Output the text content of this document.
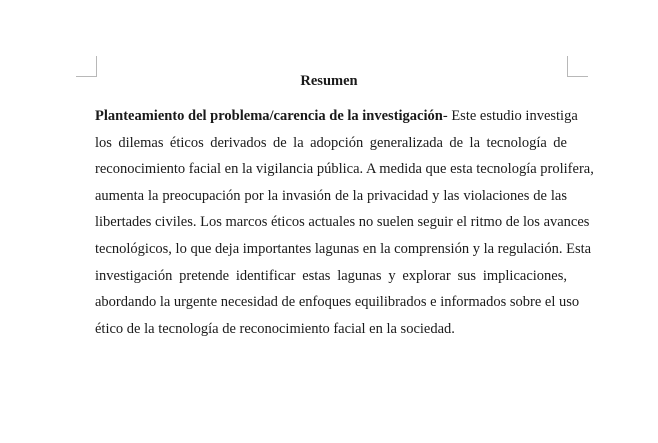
Resumen
Planteamiento del problema/carencia de la investigación- Este estudio investiga
los dilemas éticos derivados de la adopción generalizada de la tecnología de
reconocimiento facial en la vigilancia pública. A medida que esta tecnología prolifera,
aumenta la preocupación por la invasión de la privacidad y las violaciones de las
libertades civiles. Los marcos éticos actuales no suelen seguir el ritmo de los avances
tecnológicos, lo que deja importantes lagunas en la comprensión y la regulación. Esta
investigación pretende identificar estas lagunas y explorar sus implicaciones,
abordando la urgente necesidad de enfoques equilibrados e informados sobre el uso
ético de la tecnología de reconocimiento facial en la sociedad.
